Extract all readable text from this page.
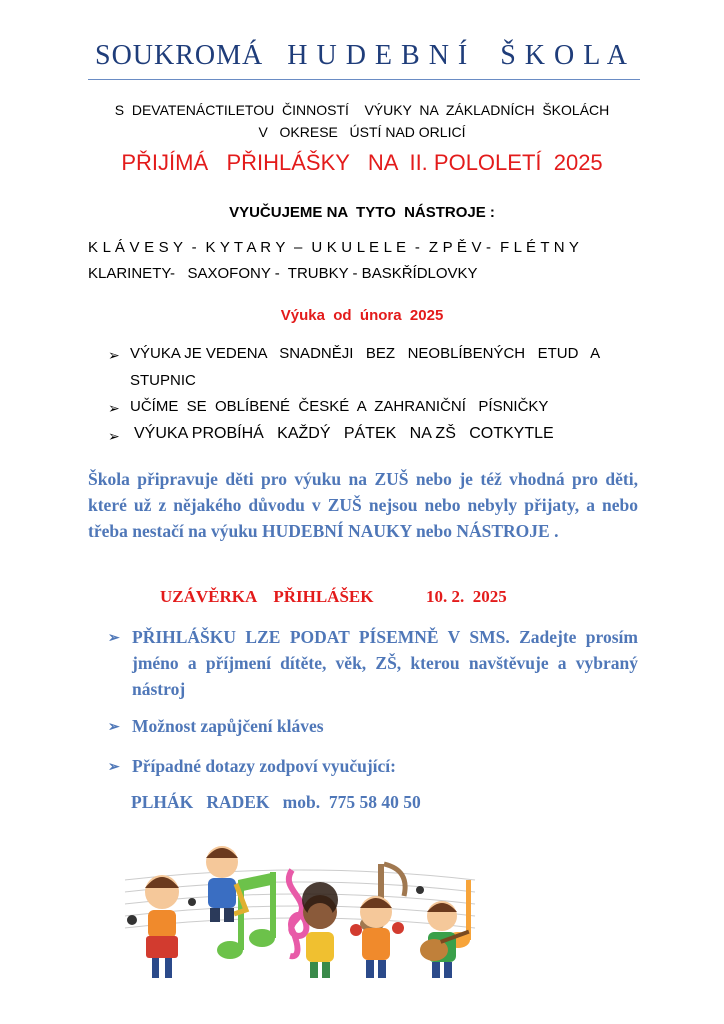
SOUKROMÁ   H U D E B N Í    Š K O L A
S  DEVATENÁCTILETOU  ČINNOSTÍ    VÝUKY  NA  ZÁKLADNÍCH  ŠKOLÁCH
V   OKRESE   ÚSTÍ NAD ORLICÍ
PŘIJÍMÁ   PŘIHLÁŠKY   NA  II. POLOLETÍ  2025
VYUČUJEME NA  TYTO  NÁSTROJE :
K L Á V E S Y  -  K Y T A R Y  –  U K U L E L E  -  Z P Ě V -  F L É T N Y
KLARINETY-   SAXOFONY -  TRUBKY - BASKŘÍDLOVKY
Výuka  od  února  2025
➢ VÝUKA JE VEDENA   SNADNĚJI   BEZ   NEOBLÍBENÝCH   ETUD   A
STUPNIC
➢ UČÍME  SE  OBLÍBENÉ  ČESKÉ  A  ZAHRANIČNÍ   PÍSNIČKY
➢ VÝUKA PROBÍHÁ   KAŽDÝ   PÁTEK   NA ZŠ   COTKYTLE
Škola připravuje děti pro výuku na ZUŠ nebo je též vhodná pro děti, které už z nějakého důvodu v ZUŠ nejsou nebo nebyly přijaty, a nebo třeba nestačí na výuku HUDEBNÍ NAUKY nebo NÁSTROJE .
UZÁVĚRKA    PŘIHLÁŠEK	10. 2.  2025
➢ PŘIHLÁŠKU LZE PODAT PÍSEMNĚ V SMS. Zadejte prosím jméno a příjmení dítěte, věk, ZŠ, kterou navštěvuje a vybraný nástroj
➢ Možnost zapůjčení kláves
➢ Případné dotazy zodpoví vyučující:
PLHÁK   RADEK   mob.  775 58 40 50
